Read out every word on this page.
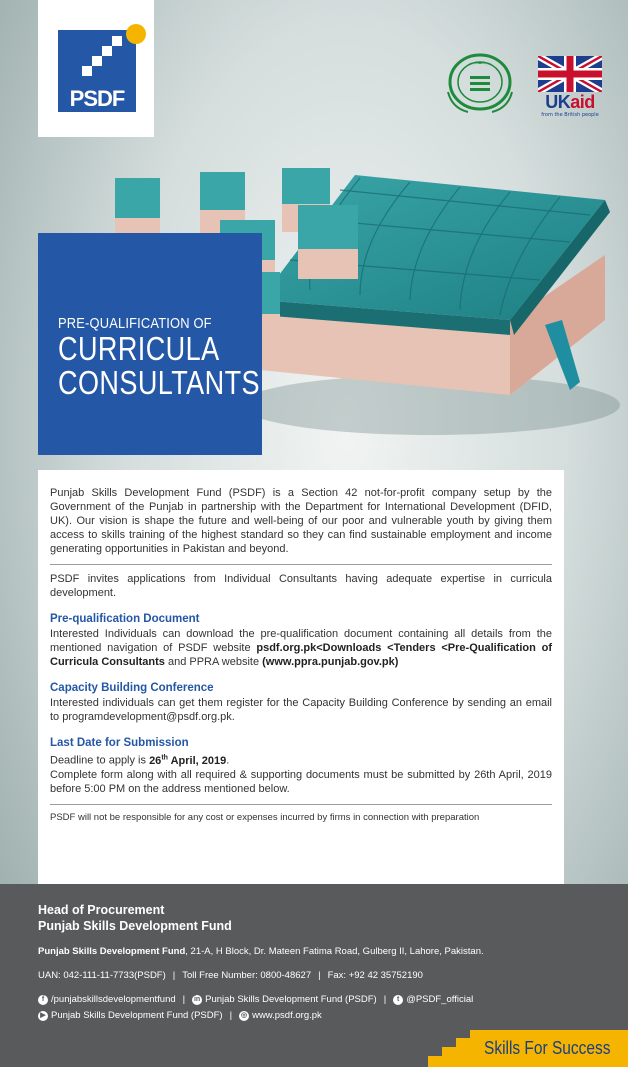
PSDF	UKaid
from the British people
PRE-QUALIFICATION OF
CURRICULA
CONSULTANTS

Punjab Skills Development Fund (PSDF) is a Section 42 not-for-profit company setup by the Government of the Punjab in partnership with the Department for International Development (DFID, UK). Our vision is shape the future and well-being of our poor and vulnerable youth by giving them access to skills training of the highest standard so they can find sustainable employment and income generating opportunities in Pakistan and beyond.

PSDF invites applications from Individual Consultants having adequate expertise in curricula development.

Pre-qualification Document

Interested Individuals can download the pre-qualification document containing all details from the mentioned navigation of PSDF website psdf.org.pk<Downloads <Tenders <Pre-Qualification of Curricula Consultants and PPRA website (www.ppra.punjab.gov.pk)

Capacity Building Conference

Interested individuals can get them register for the Capacity Building Conference by sending an email to programdevelopment@psdf.org.pk.

Last Date for Submission

Deadline to apply is 26th April, 2019.

Complete form along with all required & supporting documents must be submitted by 26th April, 2019 before 5:00 PM on the address mentioned below.

PSDF will not be responsible for any cost or expenses incurred by firms in connection with preparation

Head of Procurement
Punjab Skills Development Fund
Punjab Skills Development Fund, 21-A, H Block, Dr. Mateen Fatima Road, Gulberg II, Lahore, Pakistan.
UAN: 042-111-11-7733(PSDF) | Toll Free Number: 0800-48627 | Fax: +92 42 35752190
f /punjabskillsdevelopmentfund | in Punjab Skills Development Fund (PSDF) |	t @PSDF_official
▶ Punjab Skills Development Fund (PSDF) | ◎ www.psdf.org.pk
Skills For Success
